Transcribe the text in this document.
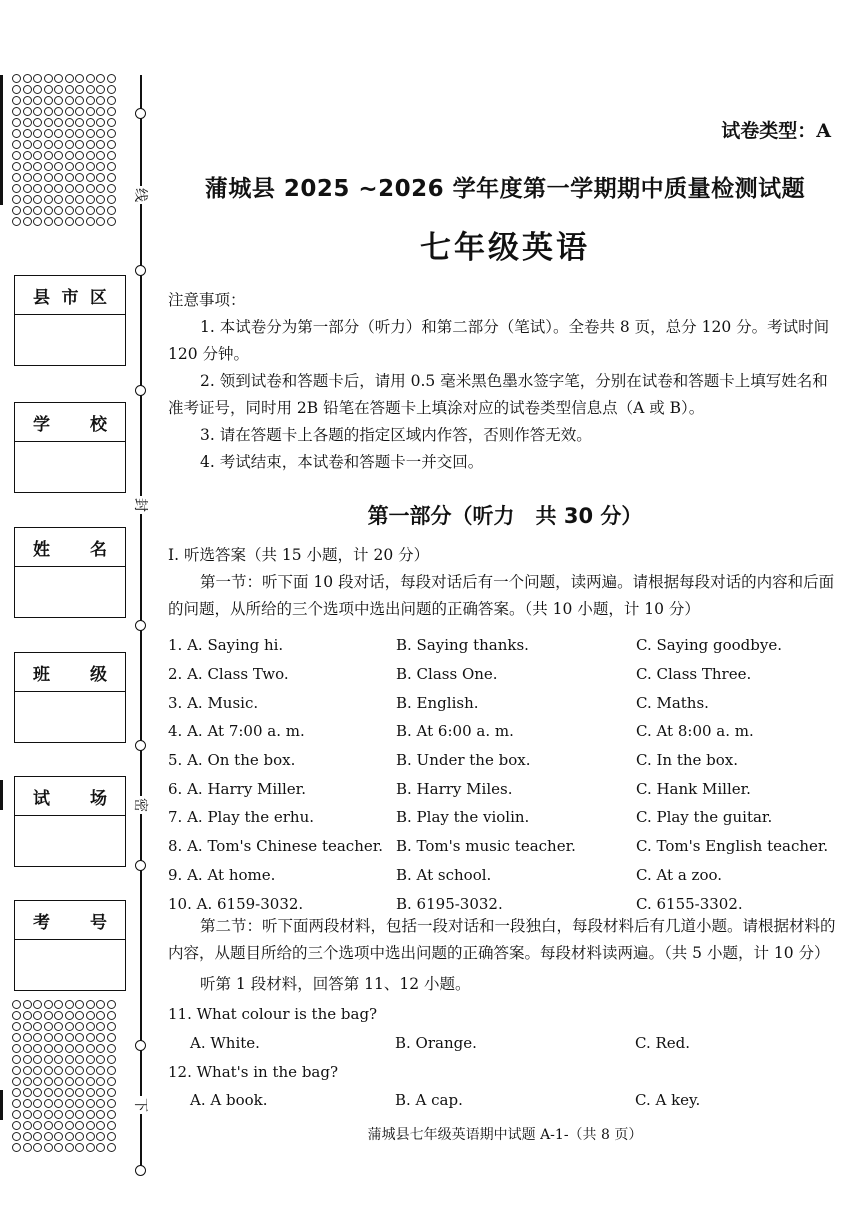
县 市 区
学 校
姓 名
班 级
试 场
考 号
线
封
密
下
试卷类型：A
蒲城县 2025 ~2026 学年度第一学期期中质量检测试题
七年级英语
注意事项：
1. 本试卷分为第一部分（听力）和第二部分（笔试）。全卷共 8 页，总分 120 分。考试时间 120 分钟。
2. 领到试卷和答题卡后，请用 0.5 毫米黑色墨水签字笔，分别在试卷和答题卡上填写姓名和准考证号，同时用 2B 铅笔在答题卡上填涂对应的试卷类型信息点（A 或 B）。
3. 请在答题卡上各题的指定区域内作答，否则作答无效。
4. 考试结束，本试卷和答题卡一并交回。
第一部分（听力　共 30 分）
Ⅰ. 听选答案（共 15 小题，计 20 分）
第一节：听下面 10 段对话，每段对话后有一个问题，读两遍。请根据每段对话的内容和后面的问题，从所给的三个选项中选出问题的正确答案。（共 10 小题，计 10 分）
1. A. Saying hi.	B. Saying thanks.	C. Saying goodbye.
2. A. Class Two.	B. Class One.	C. Class Three.
3. A. Music.	B. English.	C. Maths.
4. A. At 7:00 a. m.	B. At 6:00 a. m.	C. At 8:00 a. m.
5. A. On the box.	B. Under the box.	C. In the box.
6. A. Harry Miller.	B. Harry Miles.	C. Hank Miller.
7. A. Play the erhu.	B. Play the violin.	C. Play the guitar.
8. A. Tom's Chinese teacher. B. Tom's music teacher.	C. Tom's English teacher.
9. A. At home.	B. At school.	C. At a zoo.
10. A. 6159-3032.	B. 6195-3032.	C. 6155-3302.
第二节：听下面两段材料，包括一段对话和一段独白，每段材料后有几道小题。请根据材料的内容，从题目所给的三个选项中选出问题的正确答案。每段材料读两遍。（共 5 小题，计 10 分）
听第 1 段材料，回答第 11、12 小题。
11. What colour is the bag?
A. White.	B. Orange.	C. Red.
12. What's in the bag?
A. A book.	B. A cap.	C. A key.
蒲城县七年级英语期中试题 A-1-（共 8 页）
